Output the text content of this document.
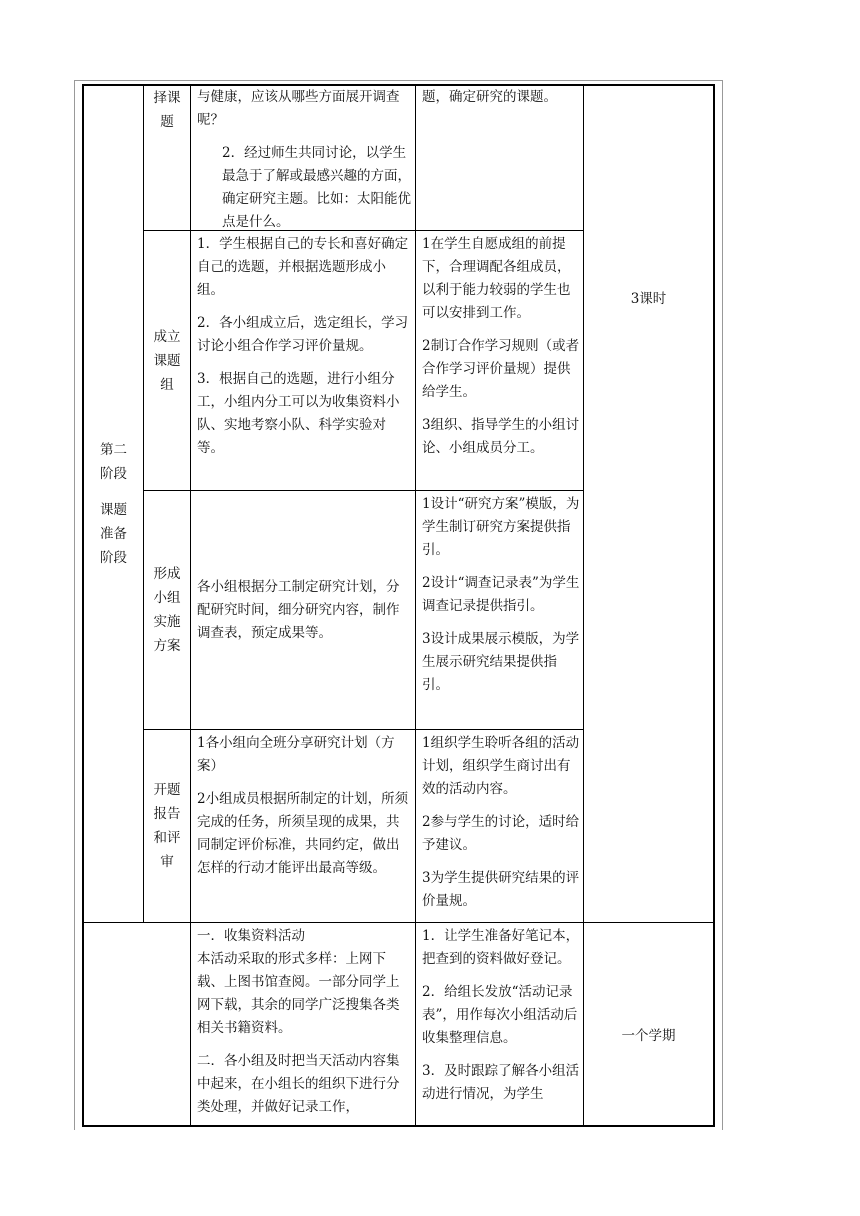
第二
阶段
课题
准备
阶段
择课
题

与健康，应该从哪些方面展开调查呢？

2．经过师生共同讨论，以学生最急于了解或最感兴趣的方面，确定研究主题。比如：太阳能优点是什么。

题，确定研究的课题。

成立
课题
组

1．学生根据自己的专长和喜好确定自己的选题，并根据选题形成小组。

2．各小组成立后，选定组长，学习讨论小组合作学习评价量规。

3．根据自己的选题，进行小组分工，小组内分工可以为收集资料小队、实地考察小队、科学实验对等。

1在学生自愿成组的前提下，合理调配各组成员，以利于能力较弱的学生也可以安排到工作。

2制订合作学习规则（或者合作学习评价量规）提供给学生。

3组织、指导学生的小组讨论、小组成员分工。

形成
小组
实施
方案

各小组根据分工制定研究计划，分配研究时间，细分研究内容，制作调查表，预定成果等。

1设计“研究方案”模版，为学生制订研究方案提供指引。

2设计“调查记录表”为学生调查记录提供指引。

3设计成果展示模版，为学生展示研究结果提供指引。

开题
报告
和评
审

1各小组向全班分享研究计划（方案）

2小组成员根据所制定的计划，所须完成的任务，所须呈现的成果，共同制定评价标准，共同约定，做出怎样的行动才能评出最高等级。

1组织学生聆听各组的活动计划，组织学生商讨出有效的活动内容。

2参与学生的讨论，适时给予建议。

3为学生提供研究结果的评价量规。

3课时

一．收集资料活动

本活动采取的形式多样：上网下载、上图书馆查阅。一部分同学上网下载，其余的同学广泛搜集各类相关书籍资料。

二．各小组及时把当天活动内容集中起来，在小组长的组织下进行分类处理，并做好记录工作，

1．让学生准备好笔记本，把查到的资料做好登记。

2．给组长发放“活动记录表”，用作每次小组活动后收集整理信息。

3．及时跟踪了解各小组活动进行情况，为学生

一个学期
